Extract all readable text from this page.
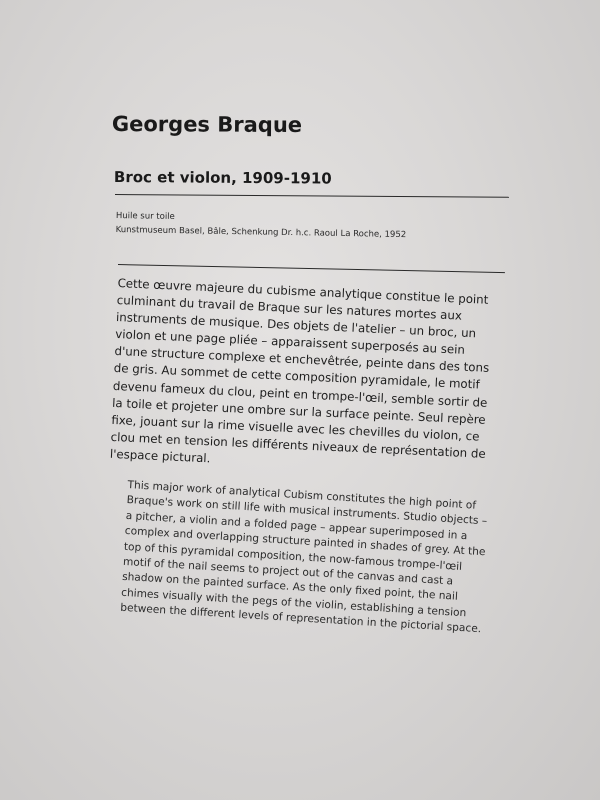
Georges Braque
Broc et violon, 1909-1910
Huile sur toile
Kunstmuseum Basel, Bâle, Schenkung Dr. h.c. Raoul La Roche, 1952

Cette œuvre majeure du cubisme analytique constitue le point culminant du travail de Braque sur les natures mortes aux instruments de musique. Des objets de l'atelier – un broc, un violon et une page pliée – apparaissent superposés au sein d'une structure complexe et enchevêtrée, peinte dans des tons de gris. Au sommet de cette composition pyramidale, le motif devenu fameux du clou, peint en trompe-l'œil, semble sortir de la toile et projeter une ombre sur la surface peinte. Seul repère fixe, jouant sur la rime visuelle avec les chevilles du violon, ce clou met en tension les différents niveaux de représentation de l'espace pictural.

This major work of analytical Cubism constitutes the high point of Braque's work on still life with musical instruments. Studio objects – a pitcher, a violin and a folded page – appear superimposed in a complex and overlapping structure painted in shades of grey. At the top of this pyramidal composition, the now-famous trompe-l'œil motif of the nail seems to project out of the canvas and cast a shadow on the painted surface. As the only fixed point, the nail chimes visually with the pegs of the violin, establishing a tension between the different levels of representation in the pictorial space.
